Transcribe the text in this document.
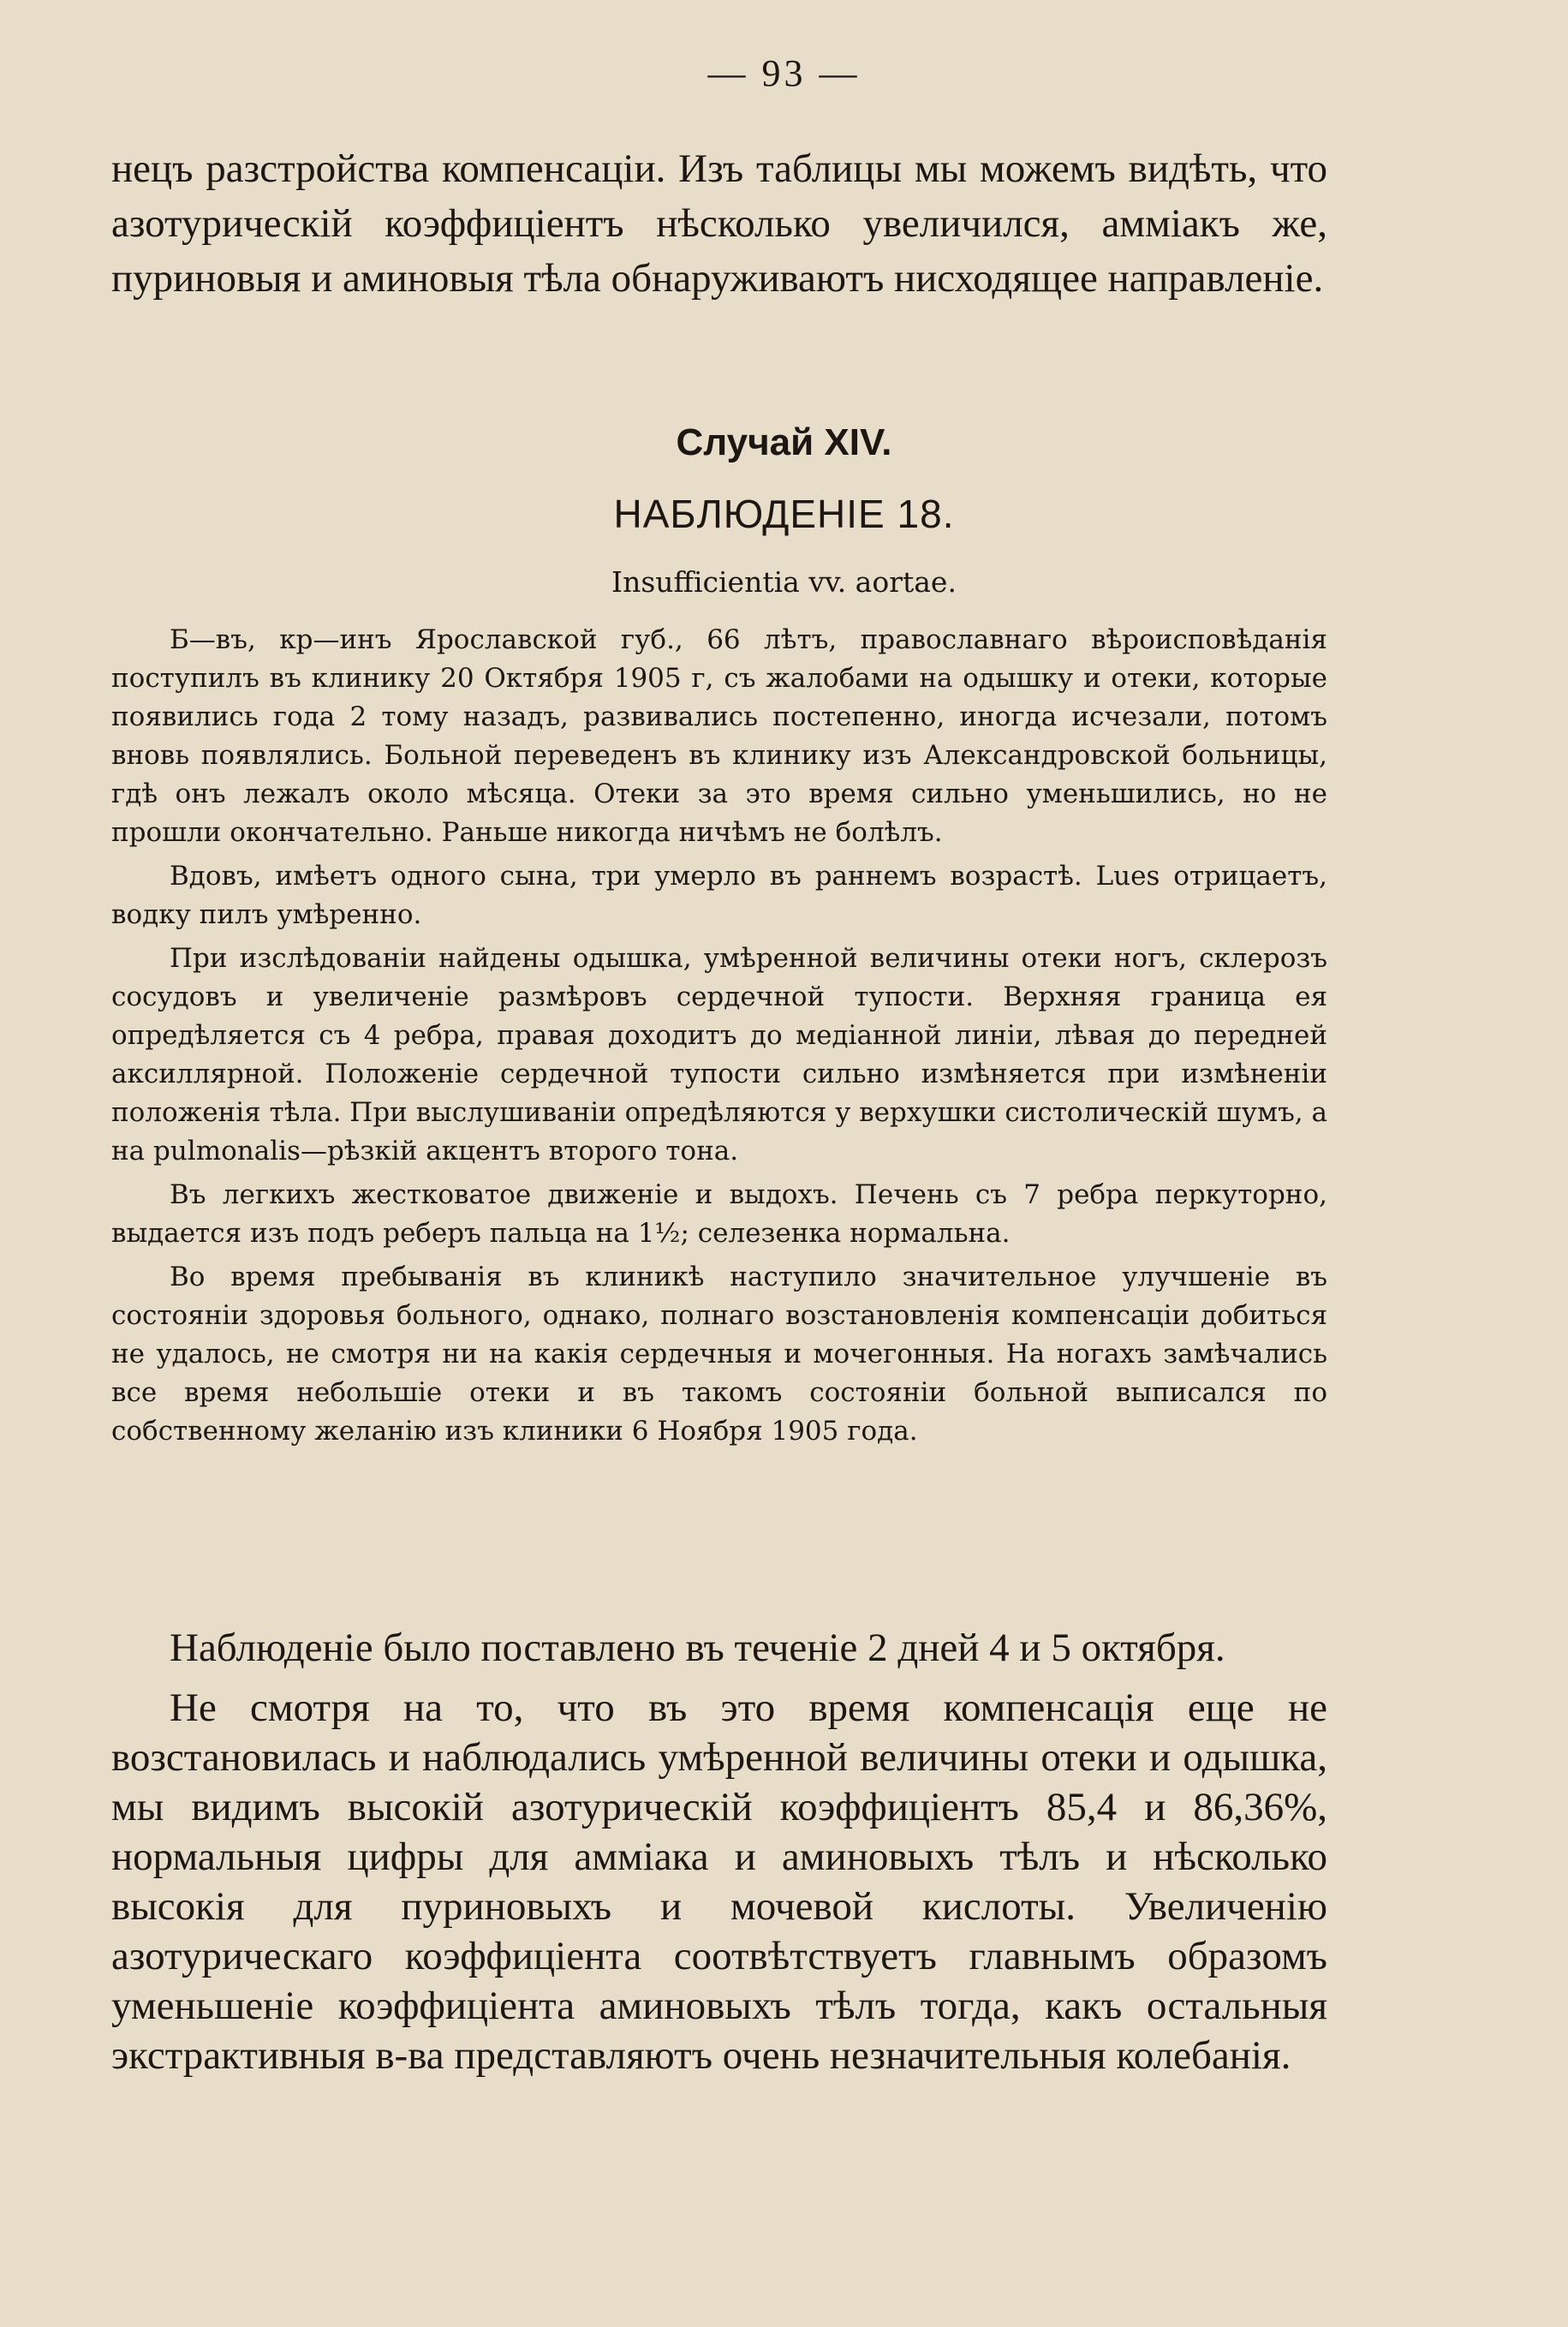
— 93 —

нецъ разстройства компенсаціи. Изъ таблицы мы можемъ видѣть, что азотурическій коэффиціентъ нѣсколько увеличился, аммiакъ же, пуриновыя и аминовыя тѣла обнаруживаютъ нисходящее направленіе.

Случай XIV.
НАБЛЮДЕНІЕ 18.
Insufficientia vv. aortae.

Б—въ, кр—инъ Ярославской губ., 66 лѣтъ, православнаго вѣроисповѣданія поступилъ въ клинику 20 Октября 1905 г, съ жалобами на одышку и отеки, которые появились года 2 тому назадъ, развивались постепенно, иногда исчезали, потомъ вновь появлялись. Больной переведенъ въ клинику изъ Александровской больницы, гдѣ онъ лежалъ около мѣсяца. Отеки за это время сильно уменьшились, но не прошли окончательно. Раньше никогда ничѣмъ не болѣлъ.

Вдовъ, имѣетъ одного сына, три умерло въ раннемъ возрастѣ. Lues отрицаетъ, водку пилъ умѣренно.

При изслѣдованіи найдены одышка, умѣренной величины отеки ногъ, склерозъ сосудовъ и увеличеніе размѣровъ сердечной тупости. Верхняя граница ея опредѣляется съ 4 ребра, правая доходитъ до медіанной линіи, лѣвая до передней аксиллярной. Положеніе сердечной тупости сильно измѣняется при измѣненіи положенія тѣла. При выслушиваніи опредѣляются у верхушки систолическій шумъ, а на pulmonalis—рѣзкій акцентъ второго тона.

Въ легкихъ жестковатое движеніе и выдохъ. Печень съ 7 ребра перкуторно, выдается изъ подъ реберъ пальца на 1½; селезенка нормальна.

Во время пребыванія въ клиникѣ наступило значительное улучшеніе въ состояніи здоровья больного, однако, полнаго возстановленія компенсаціи добиться не удалось, не смотря ни на какія сердечныя и мочегонныя. На ногахъ замѣчались все время небольшіе отеки и въ такомъ состояніи больной выписался по собственному желанію изъ клиники 6 Ноября 1905 года.

Наблюденіе было поставлено въ теченіе 2 дней 4 и 5 октября.

Не смотря на то, что въ это время компенсація еще не возстановилась и наблюдались умѣренной величины отеки и одышка, мы видимъ высокій азотурическій коэффиціентъ 85,4 и 86,36%, нормальныя цифры для аммiака и аминовыхъ тѣлъ и нѣсколько высокія для пуриновыхъ и мочевой кислоты. Увеличенію азотурическаго коэффиціента соотвѣтствуетъ главнымъ образомъ уменьшеніе коэффиціента аминовыхъ тѣлъ тогда, какъ остальныя экстрактивныя в-ва представляютъ очень незначительныя колебанія.
